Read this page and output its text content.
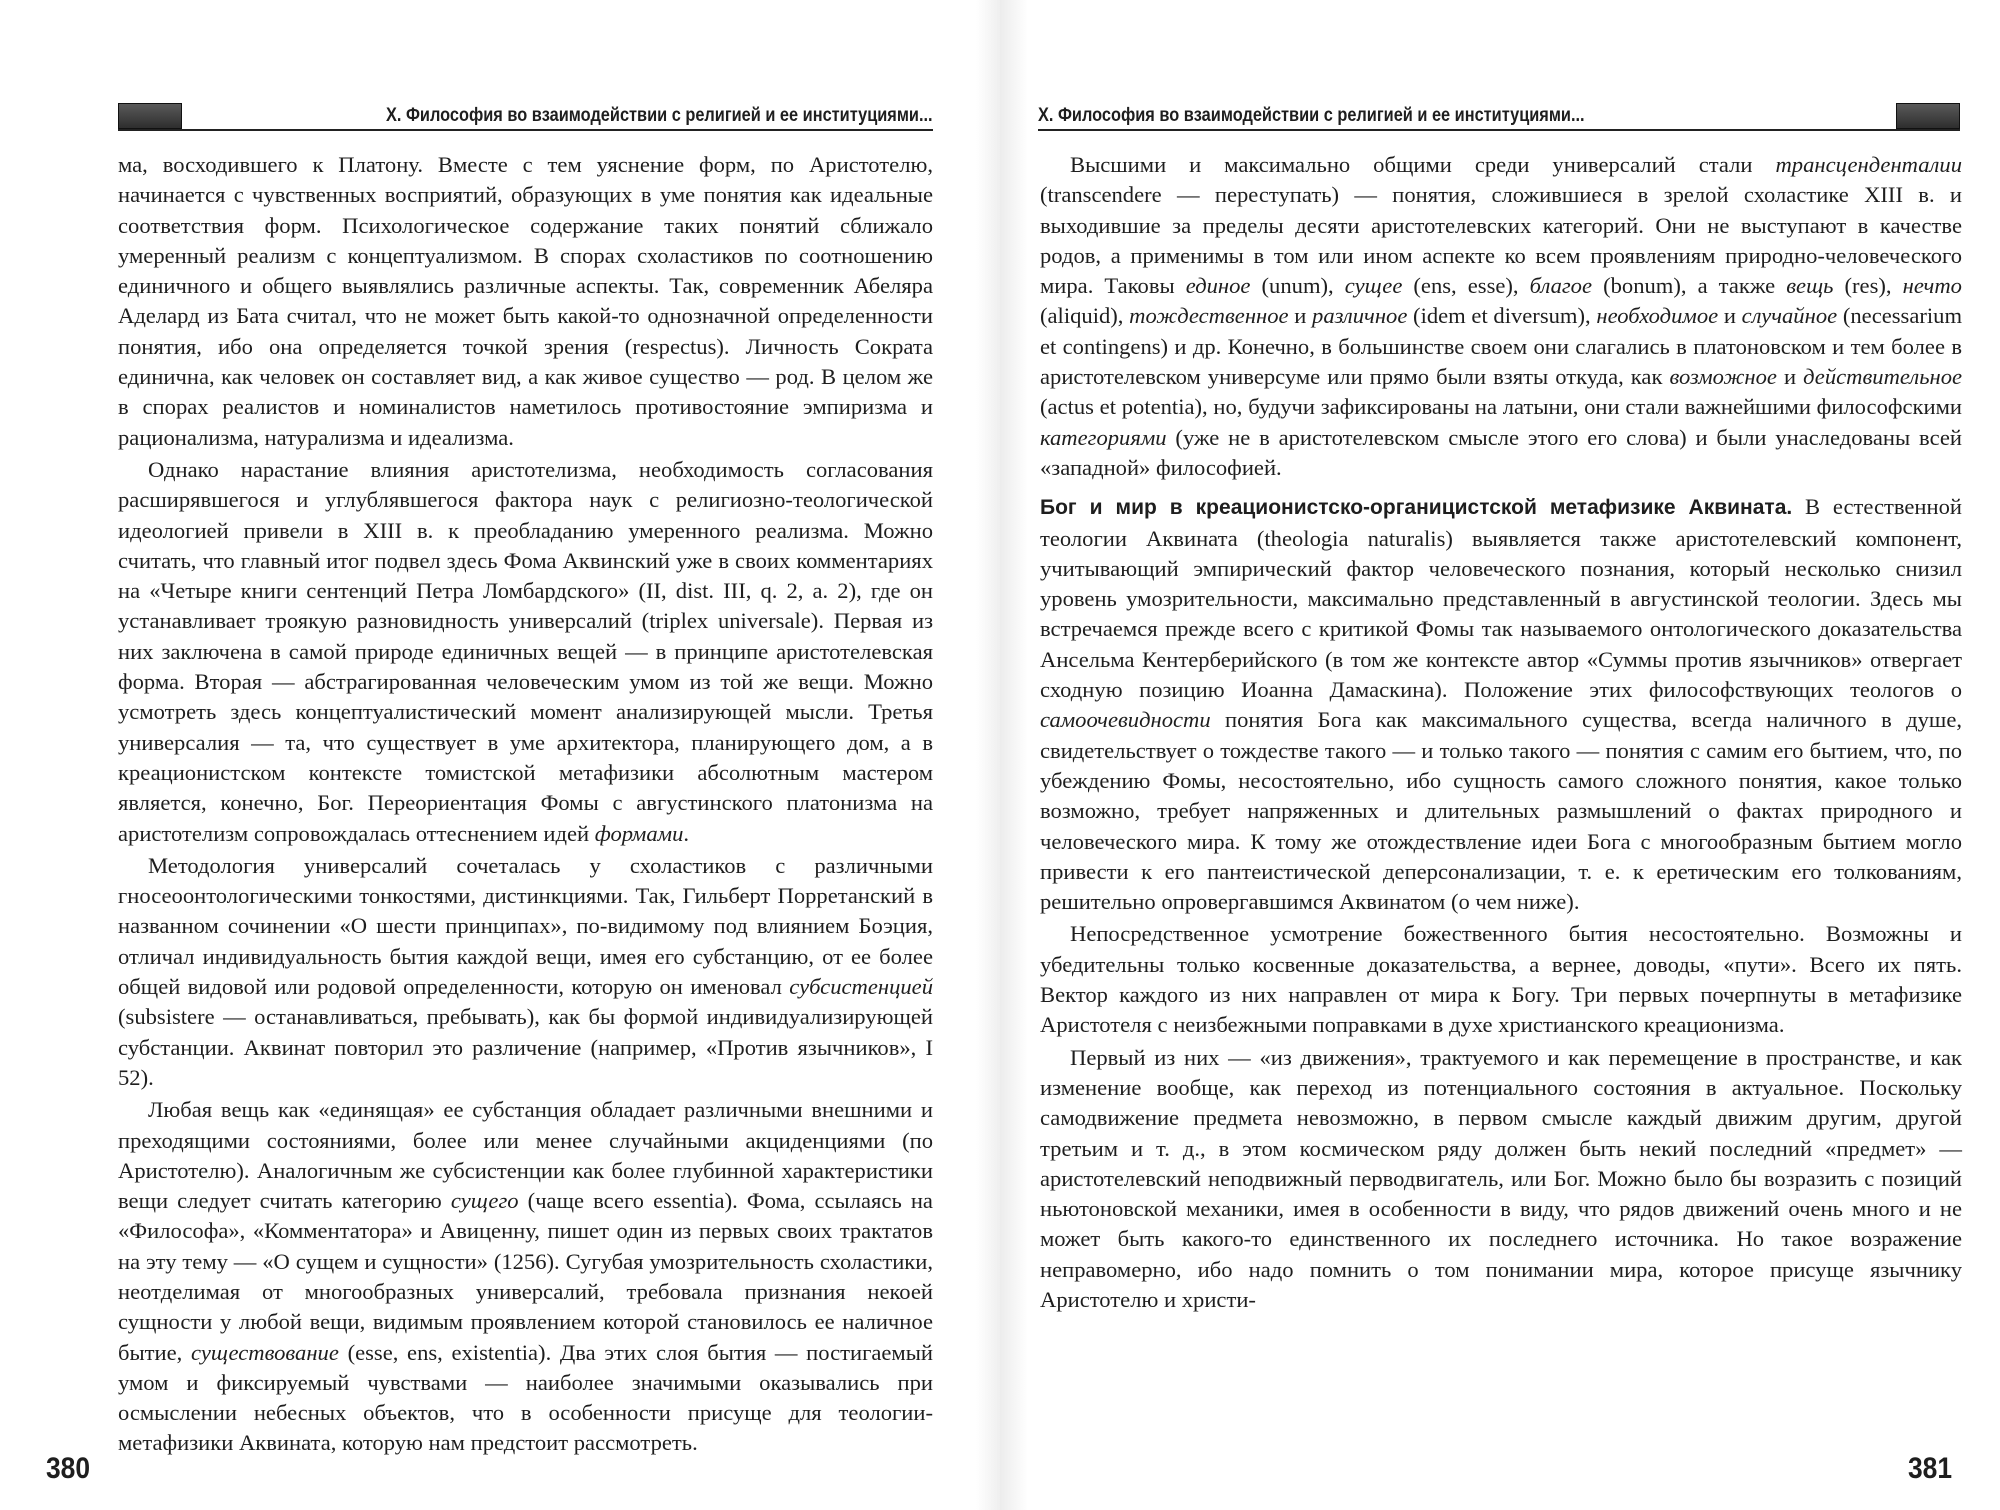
X. Философия во взаимодействии с религией и ее институциями...

ма, восходившего к Платону. Вместе с тем уяснение форм, по Аристотелю, начинается с чувственных восприятий, образующих в уме понятия как идеальные соответствия форм. Психологическое содержание таких понятий сближало умеренный реализм с концептуализмом. В спорах схоластиков по соотношению единичного и общего выявлялись различные аспекты. Так, современник Абеляра Аделард из Бата считал, что не может быть какой-то однозначной определенности понятия, ибо она определяется точкой зрения (respectus). Личность Сократа единична, как человек он составляет вид, а как живое существо — род. В целом же в спорах реалистов и номиналистов наметилось противостояние эмпиризма и рационализма, натурализма и идеализма.

Однако нарастание влияния аристотелизма, необходимость согласования расширявшегося и углублявшегося фактора наук с религиозно-теологической идеологией привели в XIII в. к преобладанию умеренного реализма. Можно считать, что главный итог подвел здесь Фома Аквинский уже в своих комментариях на «Четыре книги сентенций Петра Ломбардского» (II, dist. III, q. 2, a. 2), где он устанавливает троякую разновидность универсалий (triplex universale). Первая из них заключена в самой природе единичных вещей — в принципе аристотелевская форма. Вторая — абстрагированная человеческим умом из той же вещи. Можно усмотреть здесь концептуалистический момент анализирующей мысли. Третья универсалия — та, что существует в уме архитектора, планирующего дом, а в креационистском контексте томистской метафизики абсолютным мастером является, конечно, Бог. Переориентация Фомы с августинского платонизма на аристотелизм сопровождалась оттеснением идей формами.

Методология универсалий сочеталась у схоластиков с различными гносеоонтологическими тонкостями, дистинкциями. Так, Гильберт Порретанский в названном сочинении «О шести принципах», по-видимому под влиянием Боэция, отличал индивидуальность бытия каждой вещи, имея его субстанцию, от ее более общей видовой или родовой определенности, которую он именовал субсистенцией (subsistere — останавливаться, пребывать), как бы формой индивидуализирующей субстанции. Аквинат повторил это различение (например, «Против язычников», I 52).

Любая вещь как «единящая» ее субстанция обладает различными внешними и преходящими состояниями, более или менее случайными акциденциями (по Аристотелю). Аналогичным же субсистенции как более глубинной характеристики вещи следует считать категорию сущего (чаще всего essentia). Фома, ссылаясь на «Философа», «Комментатора» и Авиценну, пишет один из первых своих трактатов на эту тему — «О сущем и сущности» (1256). Сугубая умозрительность схоластики, неотделимая от многообразных универсалий, требовала признания некоей сущности у любой вещи, видимым проявлением которой становилось ее наличное бытие, существование (esse, ens, existentia). Два этих слоя бытия — постигаемый умом и фиксируемый чувствами — наиболее значимыми оказывались при осмыслении небесных объектов, что в особенности присуще для теологии-метафизики Аквината, которую нам предстоит рассмотреть.

380
X. Философия во взаимодействии с религией и ее институциями...

Высшими и максимально общими среди универсалий стали трансценденталии (transcendere — переступать) — понятия, сложившиеся в зрелой схоластике XIII в. и выходившие за пределы десяти аристотелевских категорий. Они не выступают в качестве родов, а применимы в том или ином аспекте ко всем проявлениям природно-человеческого мира. Таковы единое (unum), сущее (ens, esse), благое (bonum), а также вещь (res), нечто (aliquid), тождественное и различное (idem et diversum), необходимое и случайное (necessarium et contingens) и др. Конечно, в большинстве своем они слагались в платоновском и тем более в аристотелевском универсуме или прямо были взяты откуда, как возможное и действительное (actus et potentia), но, будучи зафиксированы на латыни, они стали важнейшими философскими категориями (уже не в аристотелевском смысле этого его слова) и были унаследованы всей «западной» философией.

Бог и мир в креационистско-органицистской метафизике Аквината. В естественной теологии Аквината (theologia naturalis) выявляется также аристотелевский компонент, учитывающий эмпирический фактор человеческого познания, который несколько снизил уровень умозрительности, максимально представленный в августинской теологии. Здесь мы встречаемся прежде всего с критикой Фомы так называемого онтологического доказательства Ансельма Кентерберийского (в том же контексте автор «Суммы против язычников» отвергает сходную позицию Иоанна Дамаскина). Положение этих философствующих теологов о самоочевидности понятия Бога как максимального существа, всегда наличного в душе, свидетельствует о тождестве такого — и только такого — понятия с самим его бытием, что, по убеждению Фомы, несостоятельно, ибо сущность самого сложного понятия, какое только возможно, требует напряженных и длительных размышлений о фактах природного и человеческого мира. К тому же отождествление идеи Бога с многообразным бытием могло привести к его пантеистической деперсонализации, т. е. к еретическим его толкованиям, решительно опровергавшимся Аквинатом (о чем ниже).

Непосредственное усмотрение божественного бытия несостоятельно. Возможны и убедительны только косвенные доказательства, а вернее, доводы, «пути». Всего их пять. Вектор каждого из них направлен от мира к Богу. Три первых почерпнуты в метафизике Аристотеля с неизбежными поправками в духе христианского креационизма.

Первый из них — «из движения», трактуемого и как перемещение в пространстве, и как изменение вообще, как переход из потенциального состояния в актуальное. Поскольку самодвижение предмета невозможно, в первом смысле каждый движим другим, другой третьим и т. д., в этом космическом ряду должен быть некий последний «предмет» — аристотелевский неподвижный перводвигатель, или Бог. Можно было бы возразить с позиций ньютоновской механики, имея в особенности в виду, что рядов движений очень много и не может быть какого-то единственного их последнего источника. Но такое возражение неправомерно, ибо надо помнить о том понимании мира, которое присуще язычнику Аристотелю и христи-

381
